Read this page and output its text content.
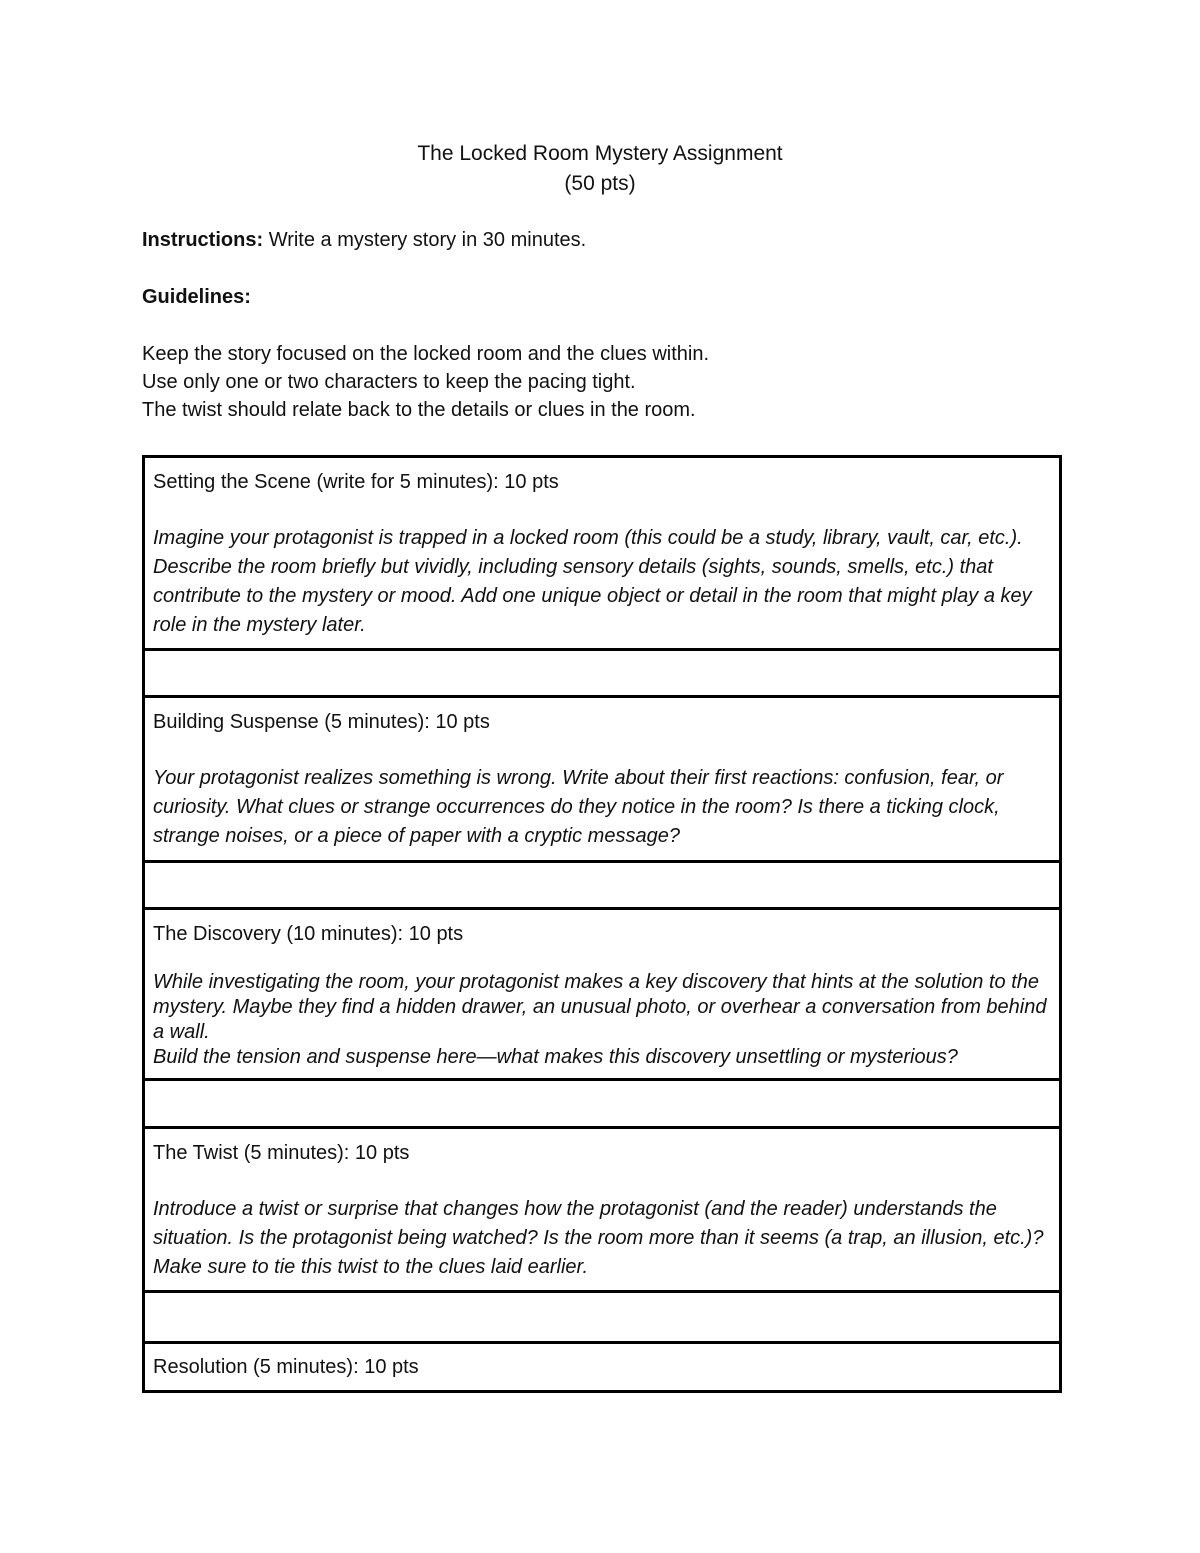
The Locked Room Mystery Assignment
(50 pts)
Instructions: Write a mystery story in 30 minutes.
Guidelines:
Keep the story focused on the locked room and the clues within.
Use only one or two characters to keep the pacing tight.
The twist should relate back to the details or clues in the room.
Setting the Scene (write for 5 minutes): 10 pts
Imagine your protagonist is trapped in a locked room (this could be a study, library, vault, car, etc.). Describe the room briefly but vividly, including sensory details (sights, sounds, smells, etc.) that contribute to the mystery or mood. Add one unique object or detail in the room that might play a key role in the mystery later.

Building Suspense (5 minutes): 10 pts
Your protagonist realizes something is wrong. Write about their first reactions: confusion, fear, or curiosity. What clues or strange occurrences do they notice in the room? Is there a ticking clock, strange noises, or a piece of paper with a cryptic message?

The Discovery (10 minutes): 10 pts
While investigating the room, your protagonist makes a key discovery that hints at the solution to the mystery. Maybe they find a hidden drawer, an unusual photo, or overhear a conversation from behind a wall.
Build the tension and suspense here—what makes this discovery unsettling or mysterious?

The Twist (5 minutes): 10 pts
Introduce a twist or surprise that changes how the protagonist (and the reader) understands the situation. Is the protagonist being watched? Is the room more than it seems (a trap, an illusion, etc.)? Make sure to tie this twist to the clues laid earlier.

Resolution (5 minutes): 10 pts
